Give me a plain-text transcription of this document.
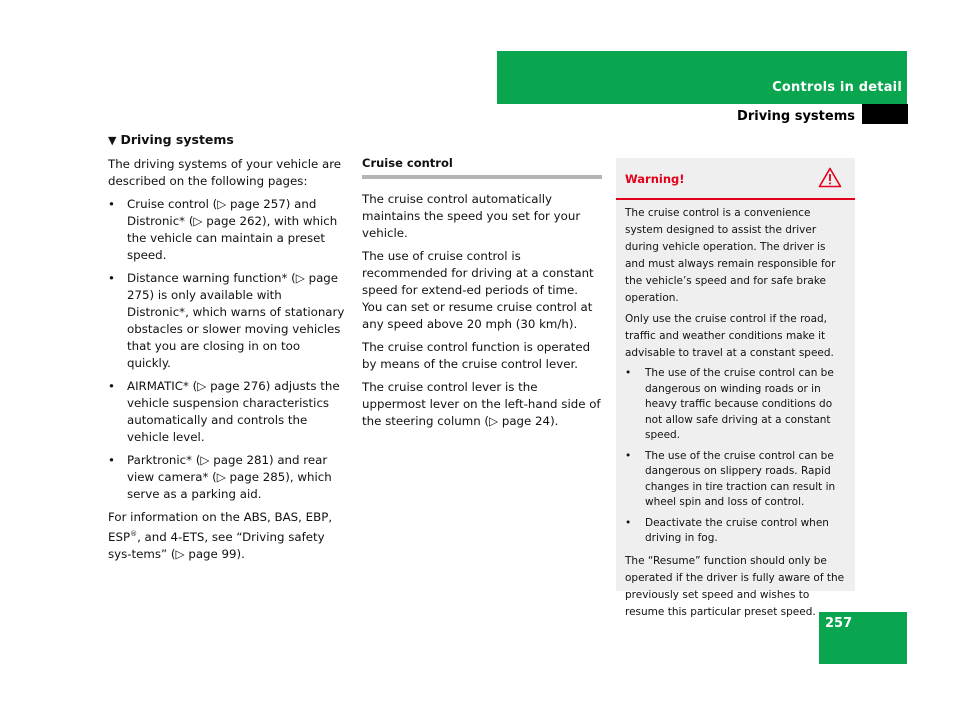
Controls in detail
Driving systems
▼ Driving systems

The driving systems of your vehicle are described on the following pages:

• Cruise control (▷ page 257) and Distronic* (▷ page 262), with which the vehicle can maintain a preset speed.
• Distance warning function* (▷ page 275) is only available with Distronic*, which warns of stationary obstacles or slower moving vehicles that you are closing in on too quickly.
• AIRMATIC* (▷ page 276) adjusts the vehicle suspension characteristics automatically and controls the vehicle level.
• Parktronic* (▷ page 281) and rear view camera* (▷ page 285), which serve as a parking aid.

For information on the ABS, BAS, EBP, ESP®, and 4-ETS, see “Driving safety sys-tems” (▷ page 99).

Cruise control

The cruise control automatically maintains the speed you set for your vehicle.

The use of cruise control is recommended for driving at a constant speed for extend-ed periods of time. You can set or resume cruise control at any speed above 20 mph (30 km/h).

The cruise control function is operated by means of the cruise control lever.

The cruise control lever is the uppermost lever on the left-hand side of the steering column (▷ page 24).

Warning!

The cruise control is a convenience system designed to assist the driver during vehicle operation. The driver is and must always remain responsible for the vehicle’s speed and for safe brake operation.

Only use the cruise control if the road, traffic and weather conditions make it advisable to travel at a constant speed.

• The use of the cruise control can be dangerous on winding roads or in heavy traffic because conditions do not allow safe driving at a constant speed.
• The use of the cruise control can be dangerous on slippery roads. Rapid changes in tire traction can result in wheel spin and loss of control.
• Deactivate the cruise control when driving in fog.

The “Resume” function should only be operated if the driver is fully aware of the previously set speed and wishes to resume this particular preset speed.

257
